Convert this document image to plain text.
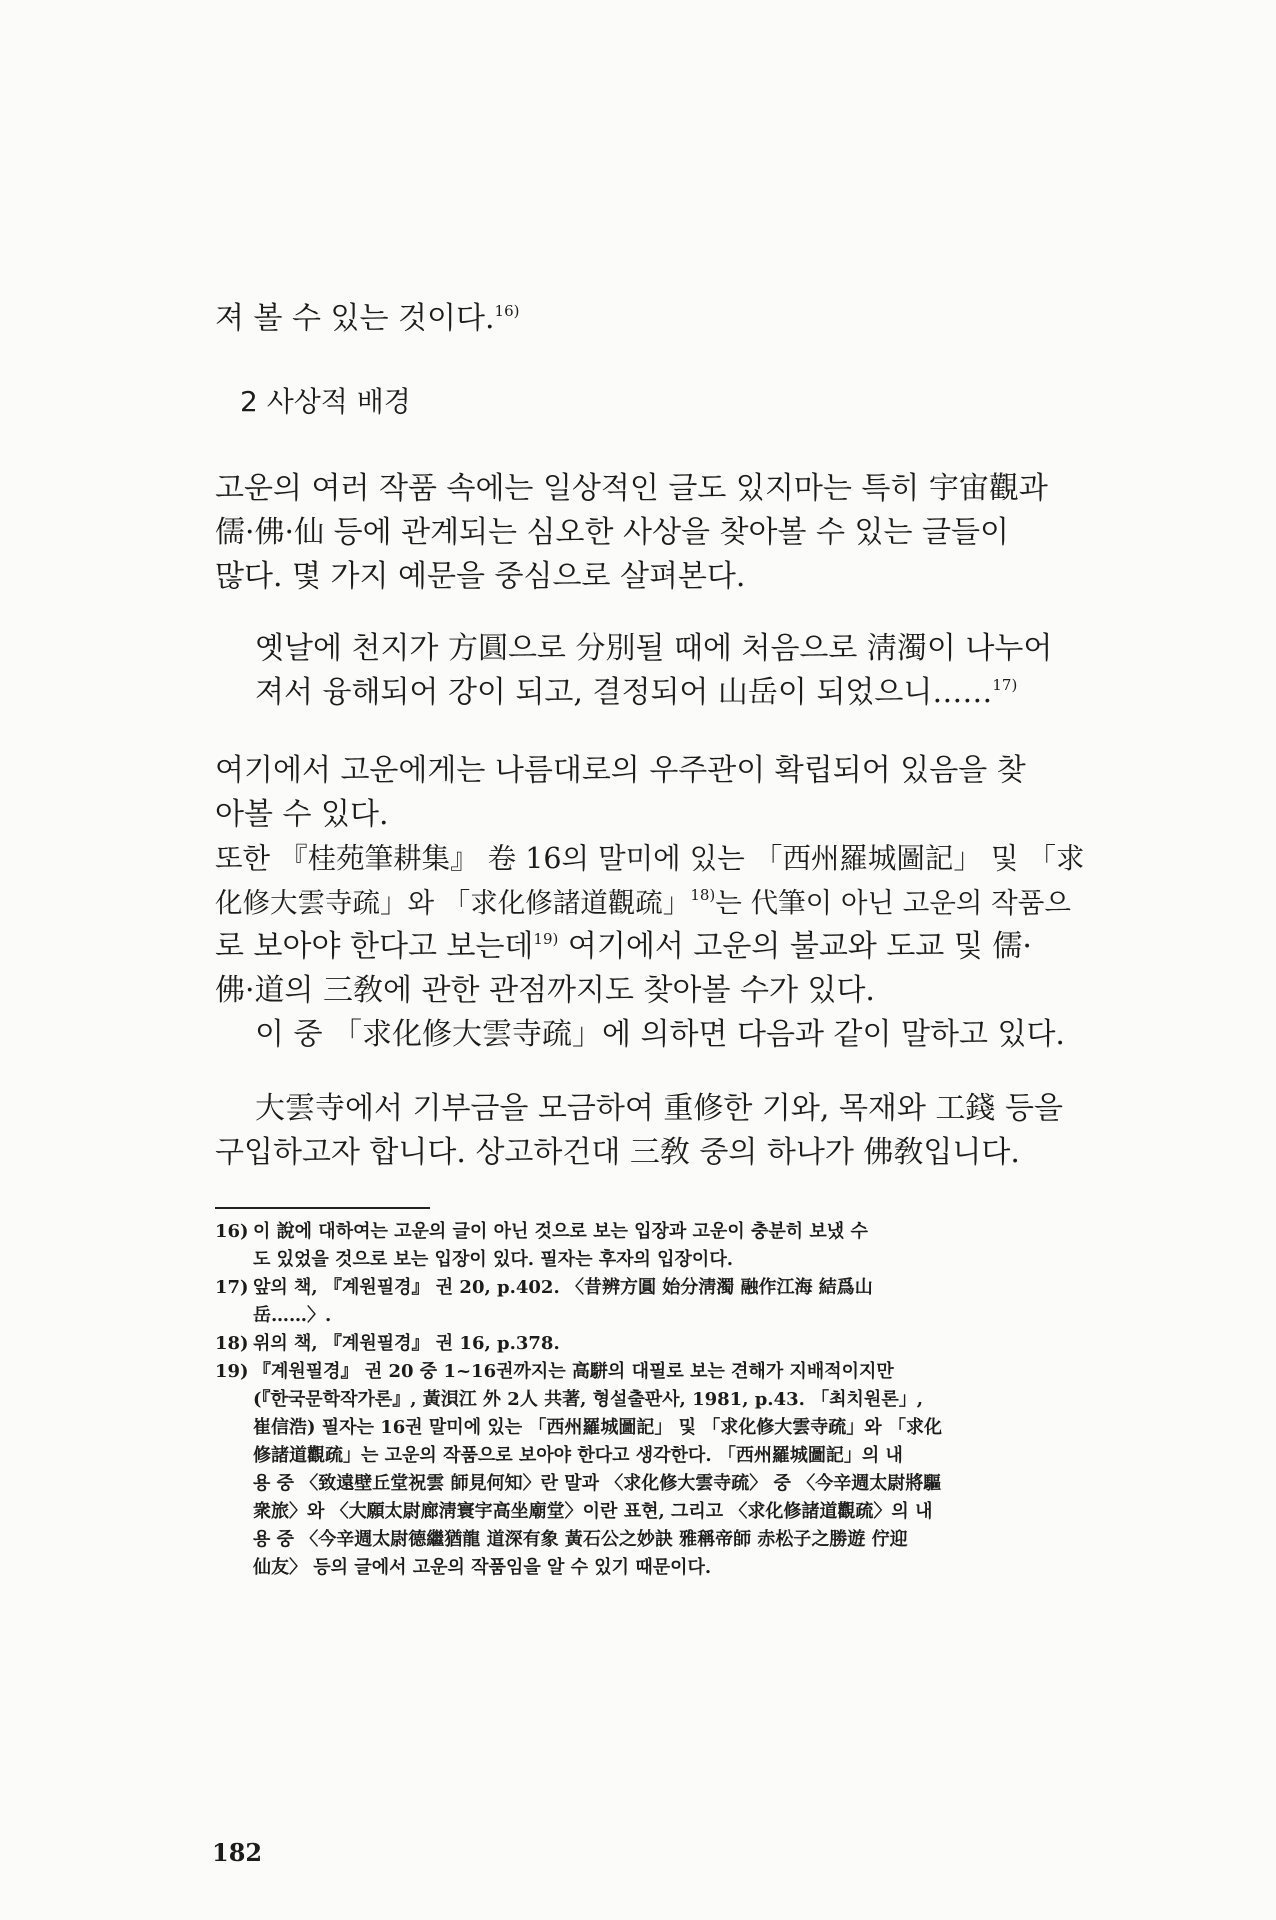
져 볼 수 있는 것이다.$^{16)}$
2 사상적 배경
고운의 여러 작품 속에는 일상적인 글도 있지마는 특히 宇宙觀과
儒·佛·仙 등에 관계되는 심오한 사상을 찾아볼 수 있는 글들이
많다. 몇 가지 예문을 중심으로 살펴본다.
옛날에 천지가 方圓으로 分別될 때에 처음으로 淸濁이 나누어
져서 융해되어 강이 되고, 결정되어 山岳이 되었으니……$^{17)}$
여기에서 고운에게는 나름대로의 우주관이 확립되어 있음을 찾
아볼 수 있다.
또한 『桂苑筆耕集』 卷 16의 말미에 있는 「西州羅城圖記」 및 「求
化修大雲寺疏」와 「求化修諸道觀疏」$^{18)}$는 代筆이 아닌 고운의 작품으
로 보아야 한다고 보는데$^{19)}$ 여기에서 고운의 불교와 도교 및 儒·
佛·道의 三敎에 관한 관점까지도 찾아볼 수가 있다.
이 중 「求化修大雲寺疏」에 의하면 다음과 같이 말하고 있다.
大雲寺에서 기부금을 모금하여 重修한 기와, 목재와 工錢 등을
구입하고자 합니다. 상고하건대 三敎 중의 하나가 佛敎입니다.
16) 이 說에 대하여는 고운의 글이 아닌 것으로 보는 입장과 고운이 충분히 보냈 수
도 있었을 것으로 보는 입장이 있다. 필자는 후자의 입장이다.
17) 앞의 책, 『계원필경』 권 20, p.402. 〈昔辨方圓 始分淸濁 融作江海 結爲山
岳……〉.
18) 위의 책, 『계원필경』 권 16, p.378.
19) 『계원필경』 권 20 중 1~16권까지는 高駢의 대필로 보는 견해가 지배적이지만
(『한국문학작가론』, 黃浿江 外 2人 共著, 형설출판사, 1981, p.43. 「최치원론」,
崔信浩) 필자는 16권 말미에 있는 「西州羅城圖記」 및 「求化修大雲寺疏」와 「求化
修諸道觀疏」는 고운의 작품으로 보아야 한다고 생각한다. 「西州羅城圖記」의 내
용 중 〈致遠壁丘堂祝雲 師見何知〉란 말과 〈求化修大雲寺疏〉 중 〈今辛週太尉將驅
衆旅〉와 〈大願太尉廊淸寰宇高坐廟堂〉이란 표현, 그리고 〈求化修諸道觀疏〉의 내
용 중 〈今辛週太尉德繼猶龍 道深有象 黃石公之妙訣 雅稱帝師 赤松子之勝遊 佇迎
仙友〉 등의 글에서 고운의 작품임을 알 수 있기 때문이다.
182
